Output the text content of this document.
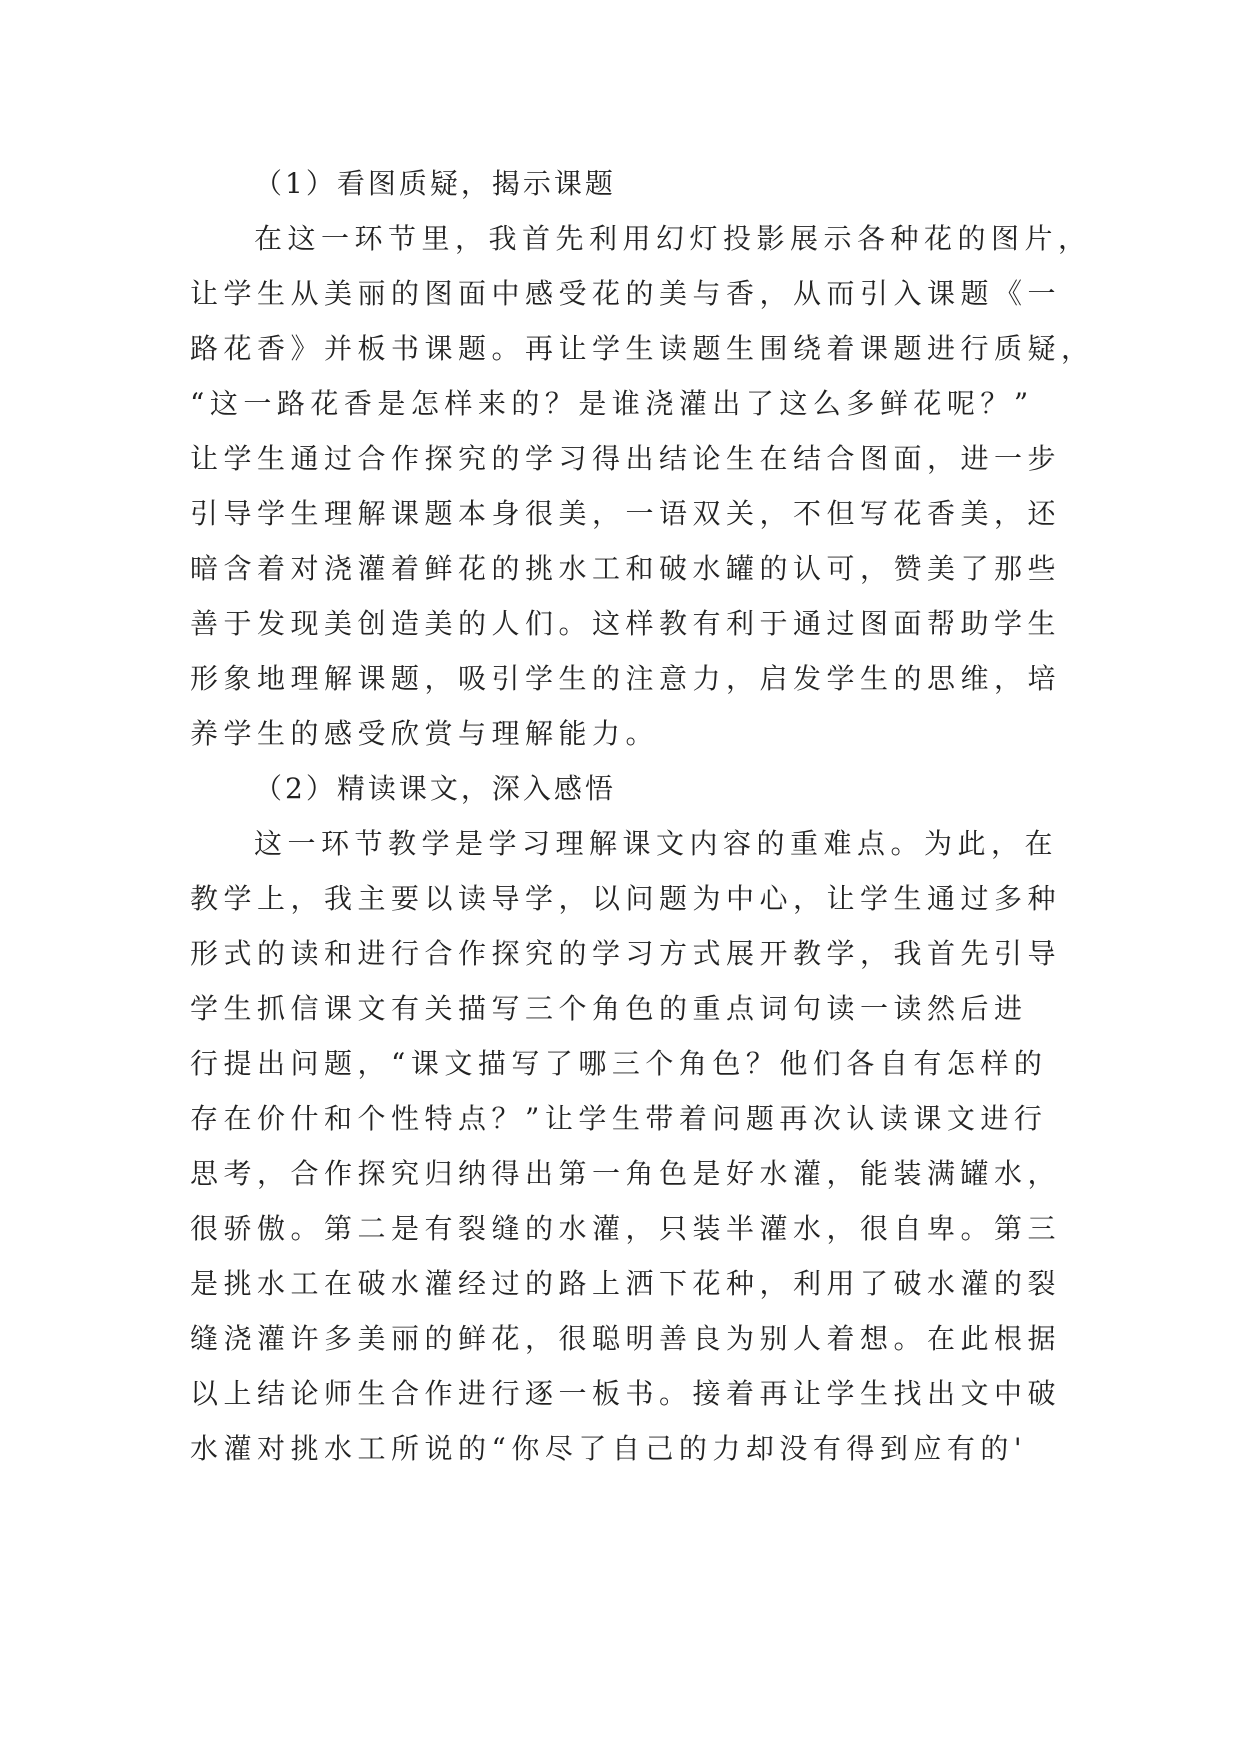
（1）看图质疑，揭示课题
在这一环节里，我首先利用幻灯投影展示各种花的图片，
让学生从美丽的图面中感受花的美与香，从而引入课题《一
路花香》并板书课题。再让学生读题生围绕着课题进行质疑，
“这一路花香是怎样来的？是谁浇灌出了这么多鲜花呢？”
让学生通过合作探究的学习得出结论生在结合图面，进一步
引导学生理解课题本身很美，一语双关，不但写花香美，还
暗含着对浇灌着鲜花的挑水工和破水罐的认可，赞美了那些
善于发现美创造美的人们。这样教有利于通过图面帮助学生
形象地理解课题，吸引学生的注意力，启发学生的思维，培
养学生的感受欣赏与理解能力。
（2）精读课文，深入感悟
这一环节教学是学习理解课文内容的重难点。为此，在
教学上，我主要以读导学，以问题为中心，让学生通过多种
形式的读和进行合作探究的学习方式展开教学，我首先引导
学生抓信课文有关描写三个角色的重点词句读一读然后进
行提出问题，“课文描写了哪三个角色？他们各自有怎样的
存在价什和个性特点？”让学生带着问题再次认读课文进行
思考，合作探究归纳得出第一角色是好水灌，能装满罐水，
很骄傲。第二是有裂缝的水灌，只装半灌水，很自卑。第三
是挑水工在破水灌经过的路上洒下花种，利用了破水灌的裂
缝浇灌许多美丽的鲜花，很聪明善良为别人着想。在此根据
以上结论师生合作进行逐一板书。接着再让学生找出文中破
水灌对挑水工所说的“你尽了自己的力却没有得到应有的'
